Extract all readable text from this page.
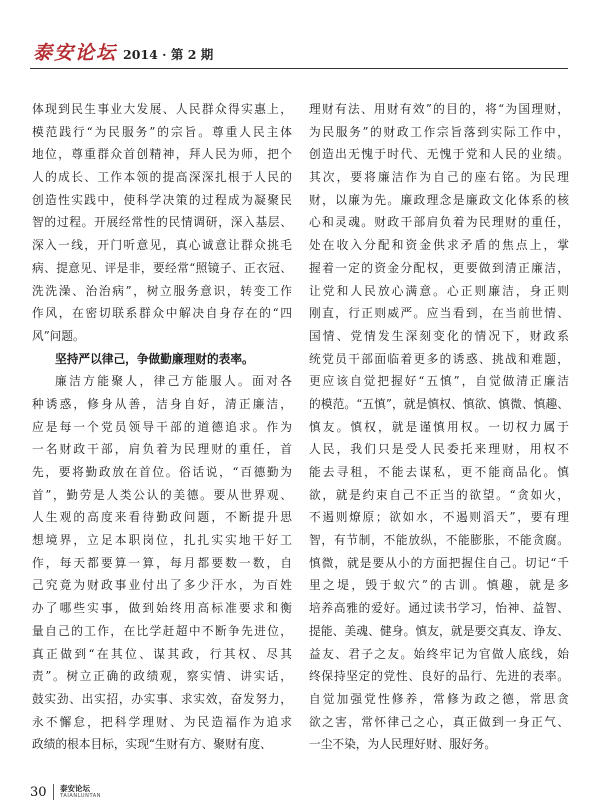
泰安论坛 2014 · 第 2 期
体现到民生事业大发展、人民群众得实惠上，
模范践行“为民服务”的宗旨。尊重人民主体
地位，尊重群众首创精神，拜人民为师，把个
人的成长、工作本领的提高深深扎根于人民的
创造性实践中，使科学决策的过程成为凝聚民
智的过程。开展经常性的民情调研，深入基层、
深入一线，开门听意见，真心诚意让群众挑毛
病、提意见、评是非，要经常“照镜子、正衣冠、
洗洗澡、治治病”，树立服务意识，转变工作
作风，在密切联系群众中解决自身存在的“四
风”问题。
坚持严以律己，争做勤廉理财的表率。
廉洁方能聚人，律己方能服人。面对各
种诱惑，修身从善，洁身自好，清正廉洁，
应是每一个党员领导干部的道德追求。作为
一名财政干部，肩负着为民理财的重任，首
先，要将勤政放在首位。俗话说，“百德勤为
首”，勤劳是人类公认的美德。要从世界观、
人生观的高度来看待勤政问题，不断提升思
想境界，立足本职岗位，扎扎实实地干好工
作，每天都要算一算，每月都要数一数，自
己究竟为财政事业付出了多少汗水，为百姓
办了哪些实事，做到始终用高标准要求和衡
量自己的工作，在比学赶超中不断争先进位，
真正做到“在其位、谋其政，行其权、尽其
责”。树立正确的政绩观，察实情、讲实话，
鼓实劲、出实招，办实事、求实效，奋发努力，
永不懈怠，把科学理财、为民造福作为追求
政绩的根本目标，实现“生财有方、聚财有度、
理财有法、用财有效”的目的，将“为国理财，
为民服务”的财政工作宗旨落到实际工作中，
创造出无愧于时代、无愧于党和人民的业绩。
其次，要将廉洁作为自己的座右铭。为民理
财，以廉为先。廉政理念是廉政文化体系的核
心和灵魂。财政干部肩负着为民理财的重任，
处在收入分配和资金供求矛盾的焦点上，掌
握着一定的资金分配权，更要做到清正廉洁，
让党和人民放心满意。心正则廉洁，身正则
刚直，行正则威严。应当看到，在当前世情、
国情、党情发生深刻变化的情况下，财政系
统党员干部面临着更多的诱惑、挑战和难题，
更应该自觉把握好“五慎”，自觉做清正廉洁
的模范。“五慎”，就是慎权、慎欲、慎微、慎趣、
慎友。慎权，就是谨慎用权。一切权力属于
人民，我们只是受人民委托来理财，用权不
能去寻租，不能去谋私，更不能商品化。慎
欲，就是约束自己不正当的欲望。“贪如火，
不遏则燎原；欲如水，不遏则滔天”，要有理
智，有节制，不能放纵，不能膨胀，不能贪腐。
慎微，就是要从小的方面把握住自己。切记“千
里之堤，毁于蚁穴”的古训。慎趣，就是多
培养高雅的爱好。通过读书学习，怡神、益智、
提能、美魂、健身。慎友，就是要交真友、诤友、
益友、君子之友。始终牢记为官做人底线，始
终保持坚定的党性、良好的品行、先进的表率。
自觉加强党性修养，常修为政之德，常思贪
欲之害，常怀律己之心，真正做到一身正气、
一尘不染，为人民理好财、服好务。
30 泰安论坛
TAIANLUNTAN
